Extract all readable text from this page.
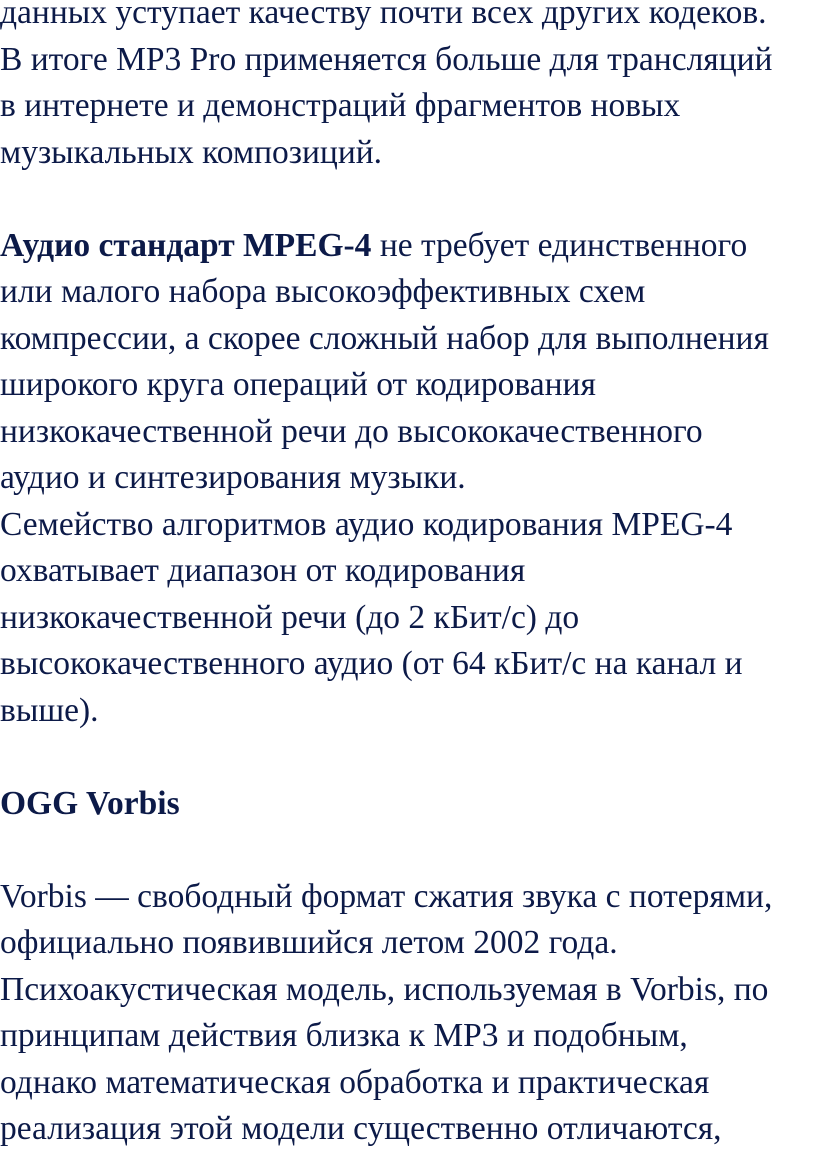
данных уступает качеству почти всех других кодеков.
В итоге MP3 Pro применяется больше для трансляций
в интернете и демонстраций фрагментов новых
музыкальных композиций.
Аудио стандарт MPEG-4 не требует единственного
или малого набора высокоэффективных схем
компрессии, а скорее сложный набор для выполнения
широкого круга операций от кодирования
низкокачественной речи до высококачественного
аудио и синтезирования музыки.
Семейство алгоритмов аудио кодирования MPEG-4
охватывает диапазон от кодирования
низкокачественной речи (до 2 кБит/с) до
высококачественного аудио (от 64 кБит/с на канал и
выше).
OGG Vorbis
Vorbis — свободный формат сжатия звука с потерями,
официально появившийся летом 2002 года.
Психоакустическая модель, используемая в Vorbis, по
принципам действия близка к MP3 и подобным,
однако математическая обработка и практическая
реализация этой модели существенно отличаются,
